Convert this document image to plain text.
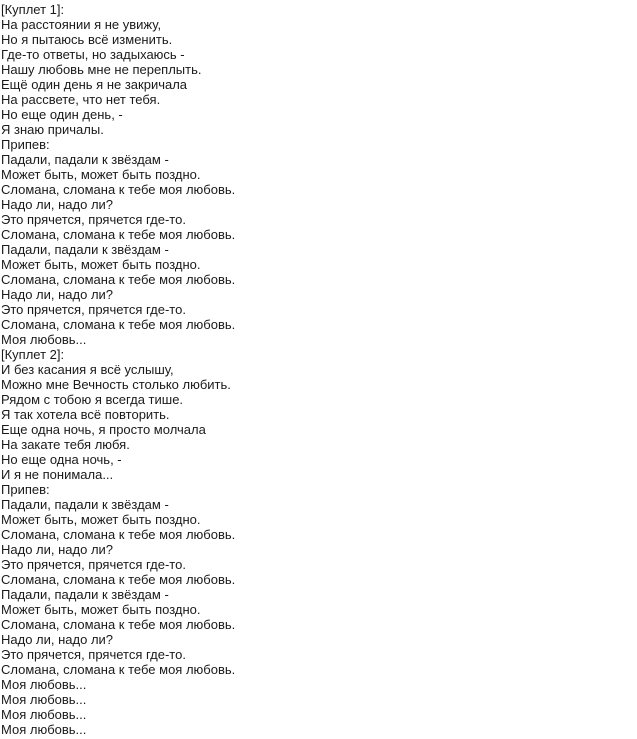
[Куплет 1]:
На расстоянии я не увижу,
Но я пытаюсь всё изменить.
Где-то ответы, но задыхаюсь -
Нашу любовь мне не переплыть.
Ещё один день я не закричала
На рассвете, что нет тебя.
Но еще один день, -
Я знаю причалы.
Припев:
Падали, падали к звёздам -
Может быть, может быть поздно.
Сломана, сломана к тебе моя любовь.
Надо ли, надо ли?
Это прячется, прячется где-то.
Сломана, сломана к тебе моя любовь.
Падали, падали к звёздам -
Может быть, может быть поздно.
Сломана, сломана к тебе моя любовь.
Надо ли, надо ли?
Это прячется, прячется где-то.
Сломана, сломана к тебе моя любовь.
Моя любовь...
[Куплет 2]:
И без касания я всё услышу,
Можно мне Вечность столько любить.
Рядом с тобою я всегда тише.
Я так хотела всё повторить.
Еще одна ночь, я просто молчала
На закате тебя любя.
Но еще одна ночь, -
И я не понимала...
Припев:
Падали, падали к звёздам -
Может быть, может быть поздно.
Сломана, сломана к тебе моя любовь.
Надо ли, надо ли?
Это прячется, прячется где-то.
Сломана, сломана к тебе моя любовь.
Падали, падали к звёздам -
Может быть, может быть поздно.
Сломана, сломана к тебе моя любовь.
Надо ли, надо ли?
Это прячется, прячется где-то.
Сломана, сломана к тебе моя любовь.
Моя любовь...
Моя любовь...
Моя любовь...
Моя любовь...
